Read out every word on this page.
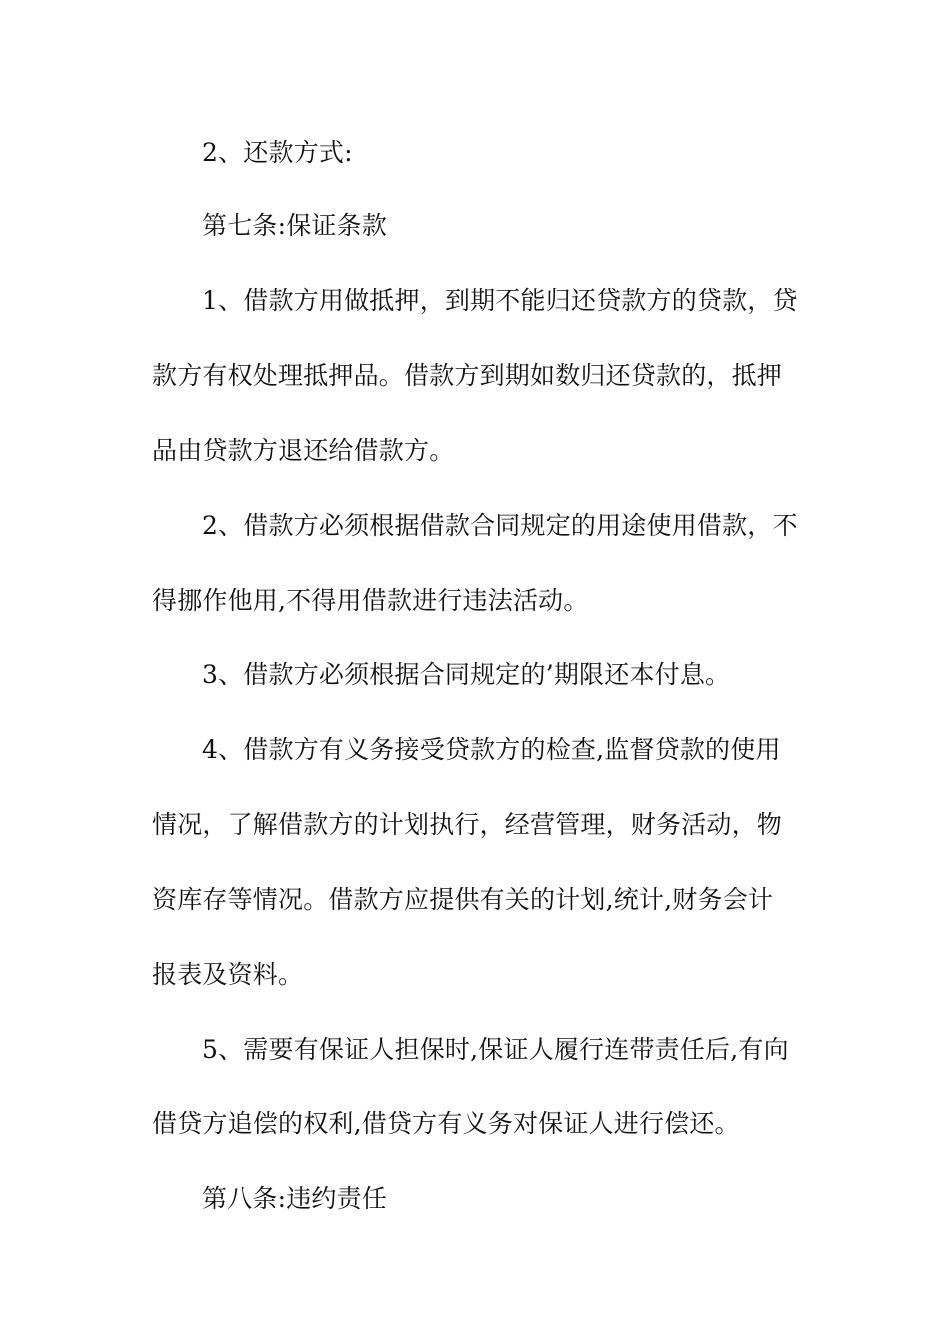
2、还款方式:
第七条:保证条款
1、借款方用做抵押，到期不能归还贷款方的贷款，贷
款方有权处理抵押品。借款方到期如数归还贷款的，抵押
品由贷款方退还给借款方。
2、借款方必须根据借款合同规定的用途使用借款，不
得挪作他用,不得用借款进行违法活动。
3、借款方必须根据合同规定的’期限还本付息。
4、借款方有义务接受贷款方的检查,监督贷款的使用
情况，了解借款方的计划执行，经营管理，财务活动，物
资库存等情况。借款方应提供有关的计划,统计,财务会计
报表及资料。
5、需要有保证人担保时,保证人履行连带责任后,有向
借贷方追偿的权利,借贷方有义务对保证人进行偿还。
第八条:违约责任
